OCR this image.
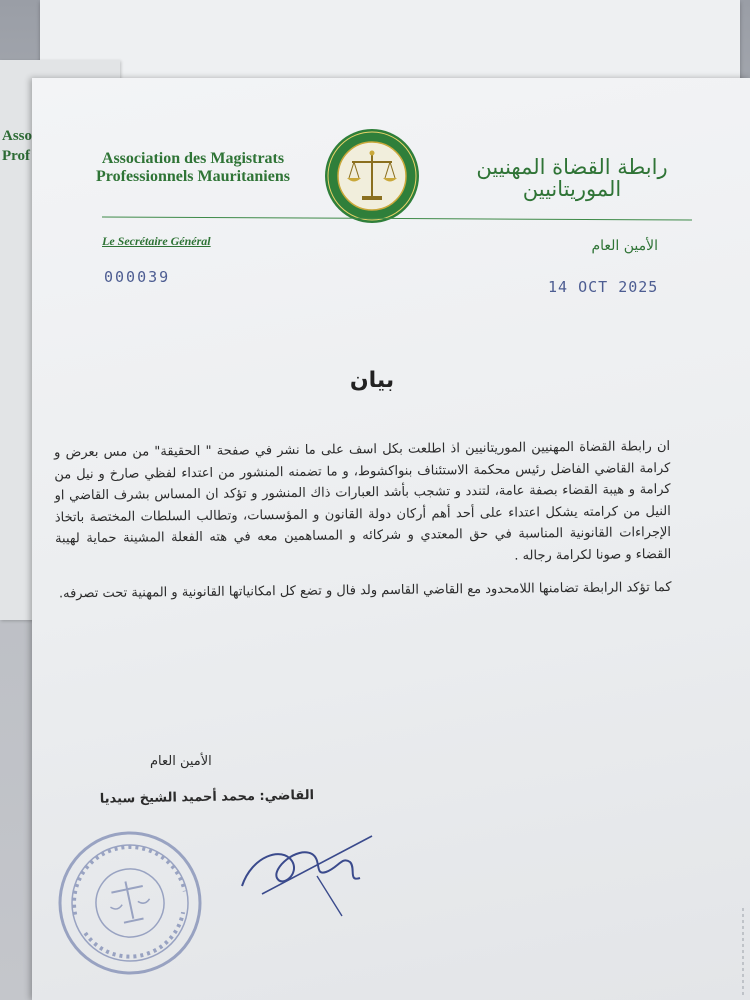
Asso
Prof	Association des Magistrats
Professionnels Mauritaniens	رابطة القضاة المهنيين
الموريتانيين
Le Secrétaire Général	الأمين العام
000039
14 OCT 2025
بيان

ان رابطة القضاة المهنيين الموريتانيين اذ اطلعت بكل اسف على ما نشر في صفحة " الحقيقة" من مس بعرض و كرامة القاضي الفاضل رئيس محكمة الاستئناف بنواكشوط، و ما تضمنه المنشور من اعتداء لفظي صارخ و نيل من كرامة و هيبة القضاء بصفة عامة، لتندد و تشجب بأشد العبارات ذاك المنشور و تؤكد ان المساس بشرف القاضي او النيل من كرامته يشكل اعتداء على أحد أهم أركان دولة القانون و المؤسسات، وتطالب السلطات المختصة باتخاذ الإجراءات القانونية المناسبة في حق المعتدي و شركائه و المساهمين معه في هته الفعلة المشينة حماية لهيبة القضاء و صونا لكرامة رجاله .

كما تؤكد الرابطة تضامنها اللامحدود مع القاضي القاسم ولد فال و تضع كل امكانياتها القانونية و المهنية تحت تصرفه.

الأمين العام
القاضي: محمد أحميد الشيخ سيديا
